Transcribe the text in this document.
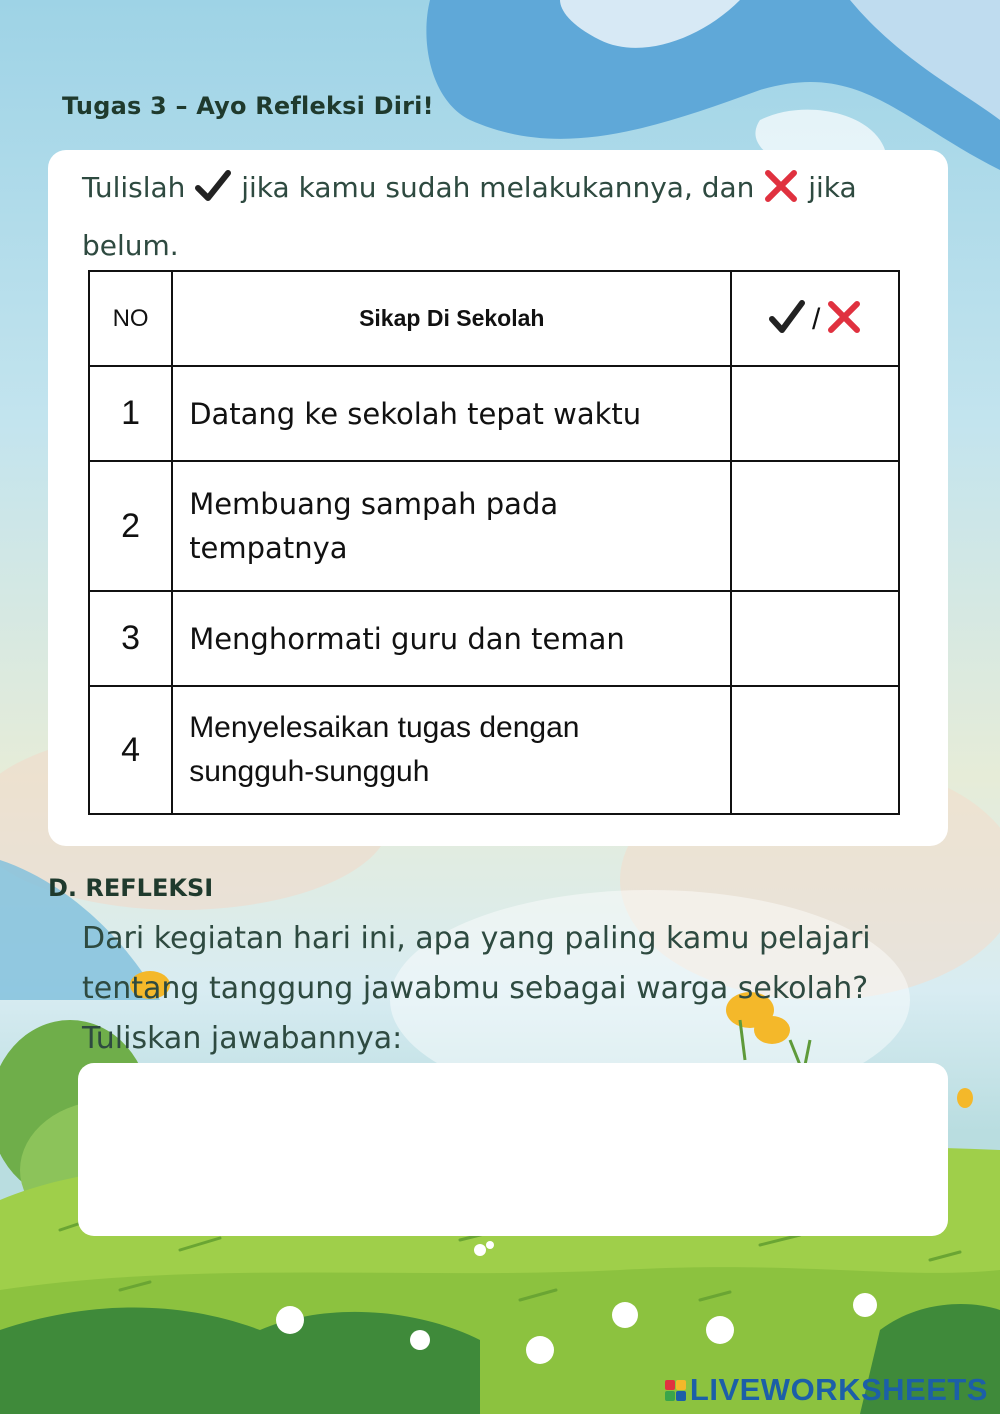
Tugas 3 – Ayo Refleksi Diri!
Tulislah jika kamu sudah melakukannya, dan jika belum.
NO	Sikap Di Sekolah	/
1	Datang ke sekolah tepat waktu	
2	Membuang sampah pada tempatnya	
3	Menghormati guru dan teman	
4	Menyelesaikan tugas dengan sungguh-sungguh	
D. REFLEKSI
Dari kegiatan hari ini, apa yang paling kamu pelajari tentang tanggung jawabmu sebagai warga sekolah? Tuliskan jawabannya:
LIVEWORKSHEETS
